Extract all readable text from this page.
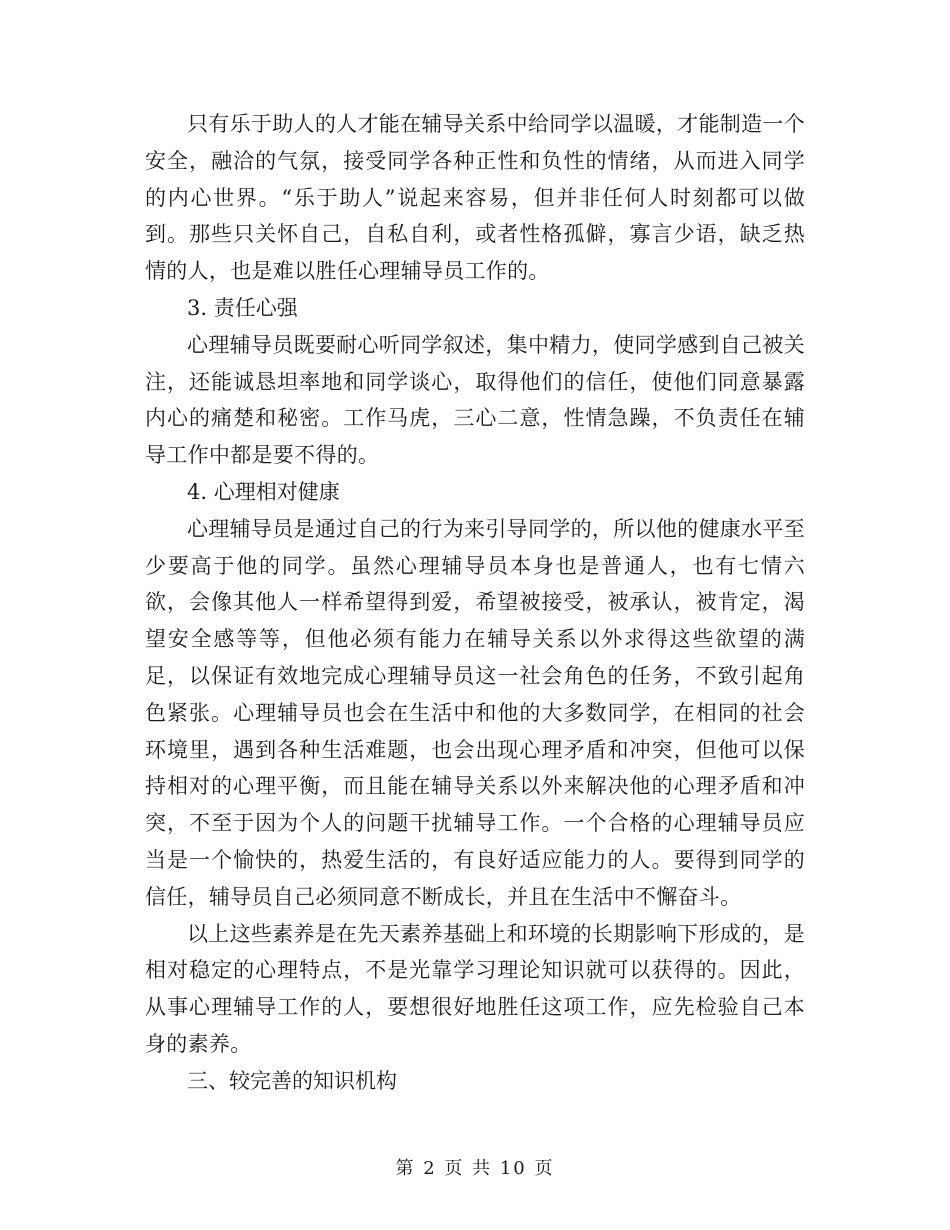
只有乐于助人的人才能在辅导关系中给同学以温暖，才能制造一个安全，融洽的气氛，接受同学各种正性和负性的情绪，从而进入同学的内心世界。“乐于助人”说起来容易，但并非任何人时刻都可以做到。那些只关怀自己，自私自利，或者性格孤僻，寡言少语，缺乏热情的人，也是难以胜任心理辅导员工作的。

3. 责任心强

心理辅导员既要耐心听同学叙述，集中精力，使同学感到自己被关注，还能诚恳坦率地和同学谈心，取得他们的信任，使他们同意暴露内心的痛楚和秘密。工作马虎，三心二意，性情急躁，不负责任在辅导工作中都是要不得的。

4. 心理相对健康

心理辅导员是通过自己的行为来引导同学的，所以他的健康水平至少要高于他的同学。虽然心理辅导员本身也是普通人，也有七情六欲，会像其他人一样希望得到爱，希望被接受，被承认，被肯定，渴望安全感等等，但他必须有能力在辅导关系以外求得这些欲望的满足，以保证有效地完成心理辅导员这一社会角色的任务，不致引起角色紧张。心理辅导员也会在生活中和他的大多数同学，在相同的社会环境里，遇到各种生活难题，也会出现心理矛盾和冲突，但他可以保持相对的心理平衡，而且能在辅导关系以外来解决他的心理矛盾和冲突，不至于因为个人的问题干扰辅导工作。一个合格的心理辅导员应当是一个愉快的，热爱生活的，有良好适应能力的人。要得到同学的信任，辅导员自己必须同意不断成长，并且在生活中不懈奋斗。

以上这些素养是在先天素养基础上和环境的长期影响下形成的，是相对稳定的心理特点，不是光靠学习理论知识就可以获得的。因此，从事心理辅导工作的人，要想很好地胜任这项工作，应先检验自己本身的素养。

三、较完善的知识机构

第 2 页 共 10 页
